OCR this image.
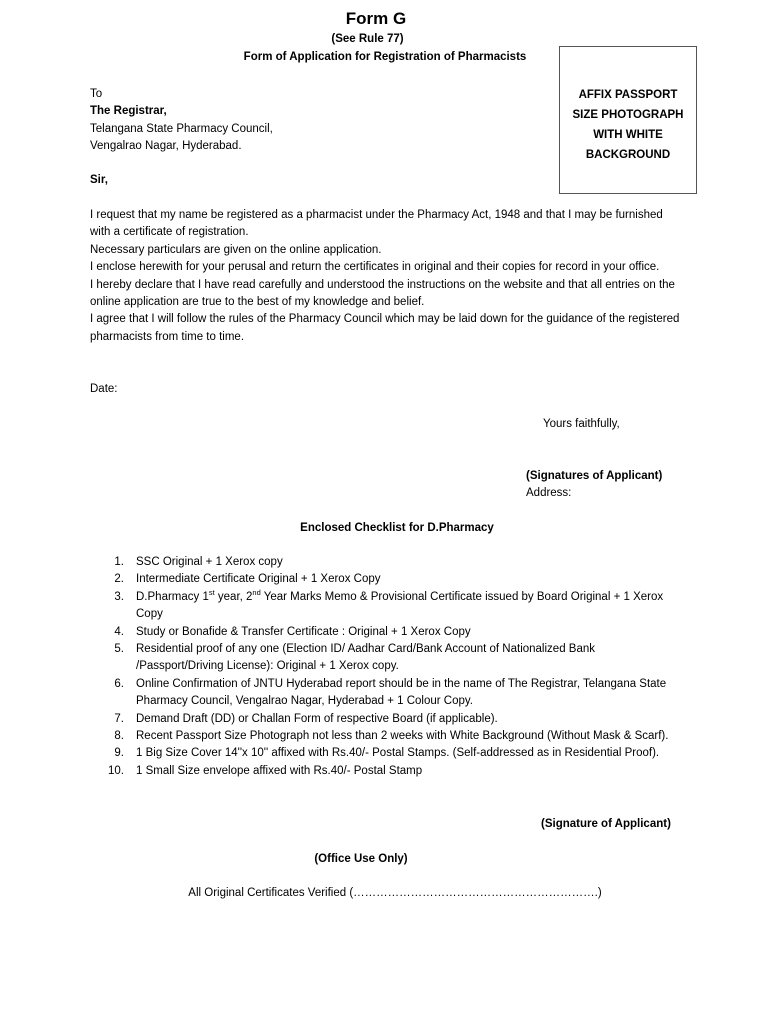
Form G
(See Rule 77)
Form of Application for Registration of Pharmacists
AFFIX PASSPORT
SIZE PHOTOGRAPH
WITH WHITE
BACKGROUND
To
The Registrar,
Telangana State Pharmacy Council,
Vengalrao Nagar, Hyderabad.
Sir,

I request that my name be registered as a pharmacist under the Pharmacy Act, 1948 and that I may be furnished with a certificate of registration.

Necessary particulars are given on the online application.

I enclose herewith for your perusal and return the certificates in original and their copies for record in your office.

I hereby declare that I have read carefully and understood the instructions on the website and that all entries on the online application are true to the best of my knowledge and belief.

I agree that I will follow the rules of the Pharmacy Council which may be laid down for the guidance of the registered pharmacists from time to time.

Date:
Yours faithfully,
(Signatures of Applicant)
Address:
Enclosed Checklist for D.Pharmacy
1. SSC Original + 1 Xerox copy
2. Intermediate Certificate Original + 1 Xerox Copy
3. D.Pharmacy 1st year, 2nd Year Marks Memo & Provisional Certificate issued by Board Original + 1 Xerox Copy
4. Study or Bonafide & Transfer Certificate : Original + 1 Xerox Copy
5. Residential proof of any one (Election ID/ Aadhar Card/Bank Account of Nationalized Bank /Passport/Driving License): Original + 1 Xerox copy.
6. Online Confirmation of JNTU Hyderabad report should be in the name of The Registrar, Telangana State Pharmacy Council, Vengalrao Nagar, Hyderabad + 1 Colour Copy.
7. Demand Draft (DD) or Challan Form of respective Board (if applicable).
8. Recent Passport Size Photograph not less than 2 weeks with White Background (Without Mask & Scarf).
9. 1 Big Size Cover 14''x 10'' affixed with Rs.40/- Postal Stamps. (Self-addressed as in Residential Proof).
10. 1 Small Size envelope affixed with Rs.40/- Postal Stamp
(Signature of Applicant)
(Office Use Only)
All Original Certificates Verified (……………………………………………………….)
